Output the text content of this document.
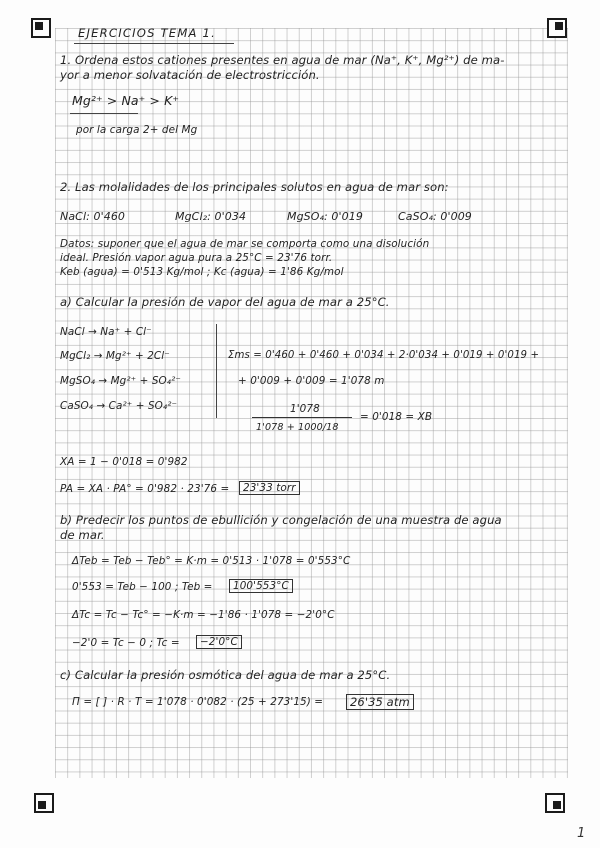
EJERCICIOS TEMA 1.
1. Ordena estos cationes presentes en agua de mar (Na⁺, K⁺, Mg²⁺) de ma-
yor a menor solvatación de electrostricción.
Mg²⁺ > Na⁺ > K⁺
por la carga 2+ del Mg
2. Las molalidades de los principales solutos en agua de mar son:
NaCl: 0'460	MgCl₂: 0'034	MgSO₄: 0'019	CaSO₄: 0'009
Datos: suponer que el agua de mar se comporta como una disolución
ideal. Presión vapor agua pura a 25°C = 23'76 torr.
Keb (agua) = 0'513 Kg/mol ; Kc (agua) = 1'86 Kg/mol
a) Calcular la presión de vapor del agua de mar a 25°C.
NaCl → Na⁺ + Cl⁻
MgCl₂ → Mg²⁺ + 2Cl⁻
MgSO₄ → Mg²⁺ + SO₄²⁻
CaSO₄ → Ca²⁺ + SO₄²⁻
Σms = 0'460 + 0'460 + 0'034 + 2·0'034 + 0'019 + 0'019 +
+ 0'009 + 0'009 = 1'078 m
1'078
1'078 + 1000/18
= 0'018 = XB
XA = 1 − 0'018 = 0'982
PA = XA · PA° = 0'982 · 23'76 =	23'33 torr
b) Predecir los puntos de ebullición y congelación de una muestra de agua
de mar.
ΔTeb = Teb − Teb° = K·m = 0'513 · 1'078 = 0'553°C
0'553 = Teb − 100 ; Teb =	100'553°C
ΔTc = Tc − Tc° = −K·m = −1'86 · 1'078 = −2'0°C
−2'0 = Tc − 0 ; Tc =	−2'0°C
c) Calcular la presión osmótica del agua de mar a 25°C.
Π = [ ] · R · T = 1'078 · 0'082 · (25 + 273'15) =	26'35 atm
1
